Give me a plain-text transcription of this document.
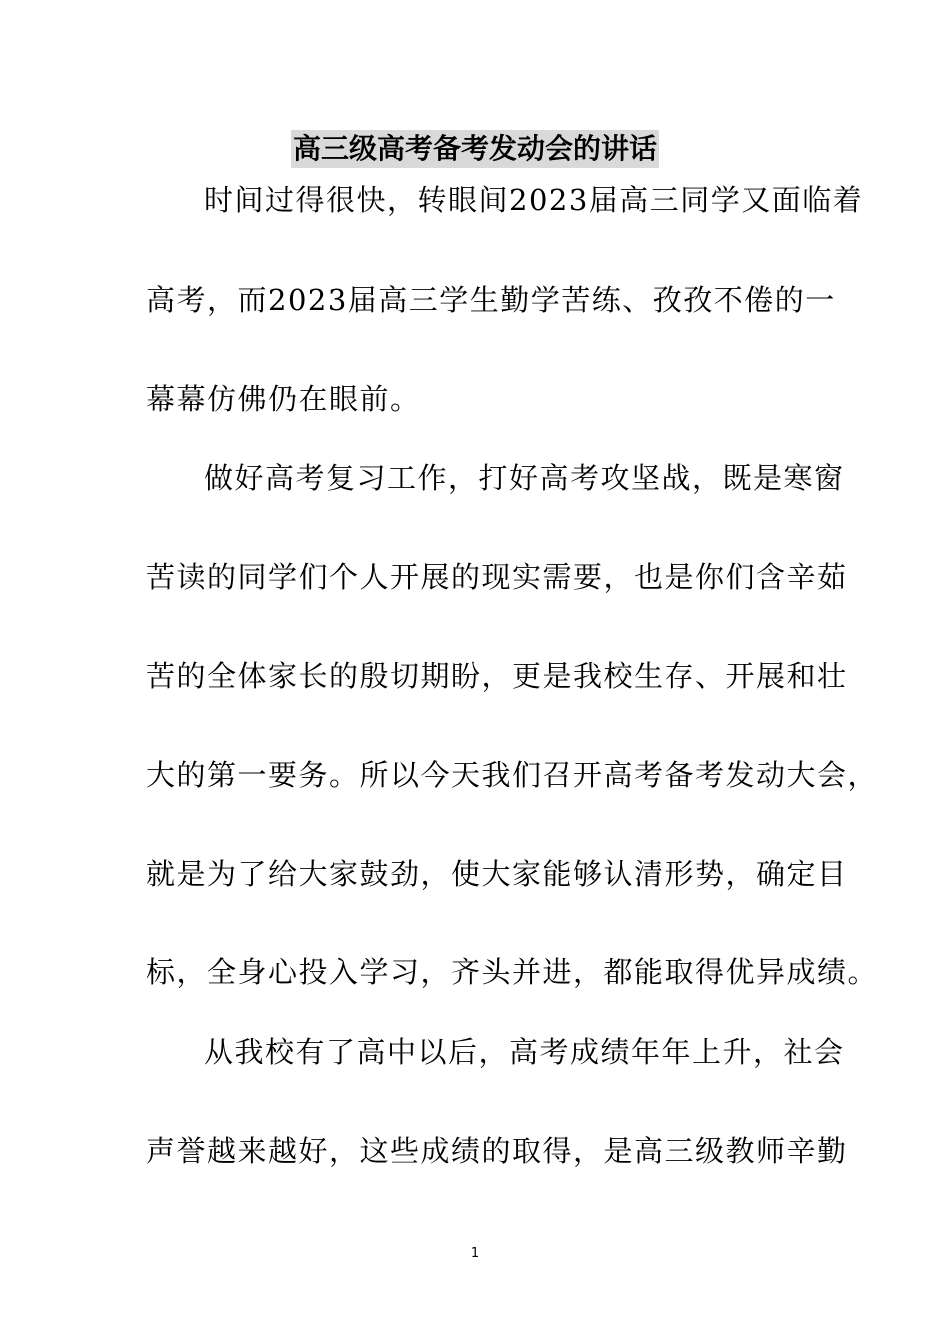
高三级高考备考发动会的讲话
时间过得很快，转眼间2023届高三同学又面临着
高考，而2023届高三学生勤学苦练、孜孜不倦的一
幕幕仿佛仍在眼前。
做好高考复习工作，打好高考攻坚战，既是寒窗
苦读的同学们个人开展的现实需要，也是你们含辛茹
苦的全体家长的殷切期盼，更是我校生存、开展和壮
大的第一要务。所以今天我们召开高考备考发动大会，
就是为了给大家鼓劲，使大家能够认清形势，确定目
标，全身心投入学习，齐头并进，都能取得优异成绩。
从我校有了高中以后，高考成绩年年上升，社会
声誉越来越好，这些成绩的取得，是高三级教师辛勤
1
